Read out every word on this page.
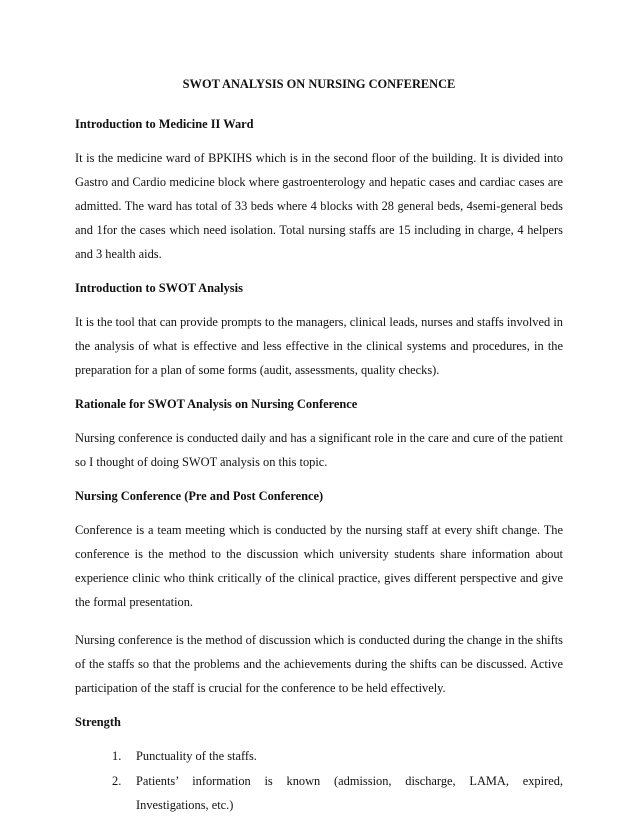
SWOT ANALYSIS ON NURSING CONFERENCE
Introduction to Medicine II Ward
It is the medicine ward of BPKIHS which is in the second floor of the building. It is divided into Gastro and Cardio medicine block where gastroenterology and hepatic cases and cardiac cases are admitted. The ward has total of 33 beds where 4 blocks with 28 general beds, 4semi-general beds and 1for the cases which need isolation. Total nursing staffs are 15 including in charge, 4 helpers and 3 health aids.
Introduction to SWOT Analysis
It is the tool that can provide prompts to the managers, clinical leads, nurses and staffs involved in the analysis of what is effective and less effective in the clinical systems and procedures, in the preparation for a plan of some forms (audit, assessments, quality checks).
Rationale for SWOT Analysis on Nursing Conference
Nursing conference is conducted daily and has a significant role in the care and cure of the patient so I thought of doing SWOT analysis on this topic.
Nursing Conference (Pre and Post Conference)
Conference is a team meeting which is conducted by the nursing staff at every shift change. The conference is the method to the discussion which university students share information about experience clinic who think critically of the clinical practice, gives different perspective and give the formal presentation.
Nursing conference is the method of discussion which is conducted during the change in the shifts of the staffs so that the problems and the achievements during the shifts can be discussed. Active participation of the staff is crucial for the conference to be held effectively.
Strength
1.	Punctuality of the staffs.
2.	Patients’ information is known (admission, discharge, LAMA, expired, Investigations, etc.)
